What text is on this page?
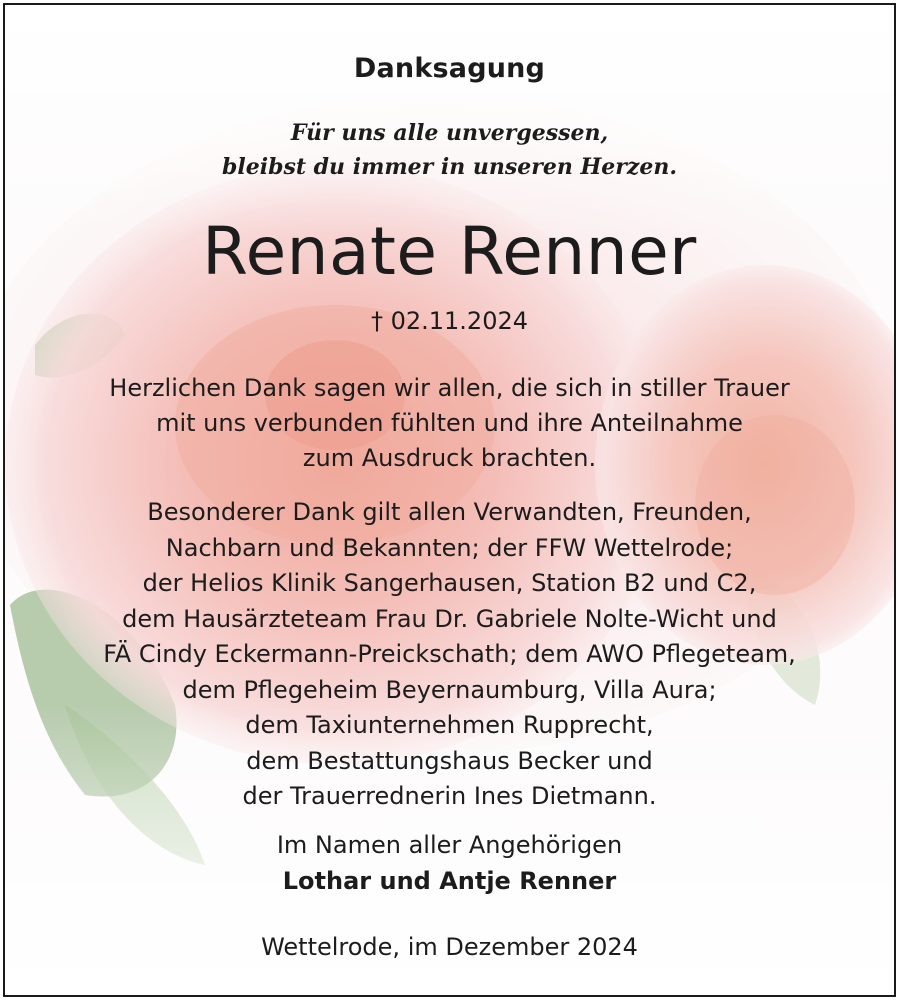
Danksagung
Für uns alle unvergessen,
bleibst du immer in unseren Herzen.
Renate Renner
† 02.11.2024
Herzlichen Dank sagen wir allen, die sich in stiller Trauer
mit uns verbunden fühlten und ihre Anteilnahme
zum Ausdruck brachten.
Besonderer Dank gilt allen Verwandten, Freunden,
Nachbarn und Bekannten; der FFW Wettelrode;
der Helios Klinik Sangerhausen, Station B2 und C2,
dem Hausärzteteam Frau Dr. Gabriele Nolte-Wicht und
FÄ Cindy Eckermann-Preickschath; dem AWO Pflegeteam,
dem Pflegeheim Beyernaumburg, Villa Aura;
dem Taxiunternehmen Rupprecht,
dem Bestattungshaus Becker und
der Trauerrednerin Ines Dietmann.
Im Namen aller Angehörigen
Lothar und Antje Renner
Wettelrode, im Dezember 2024
